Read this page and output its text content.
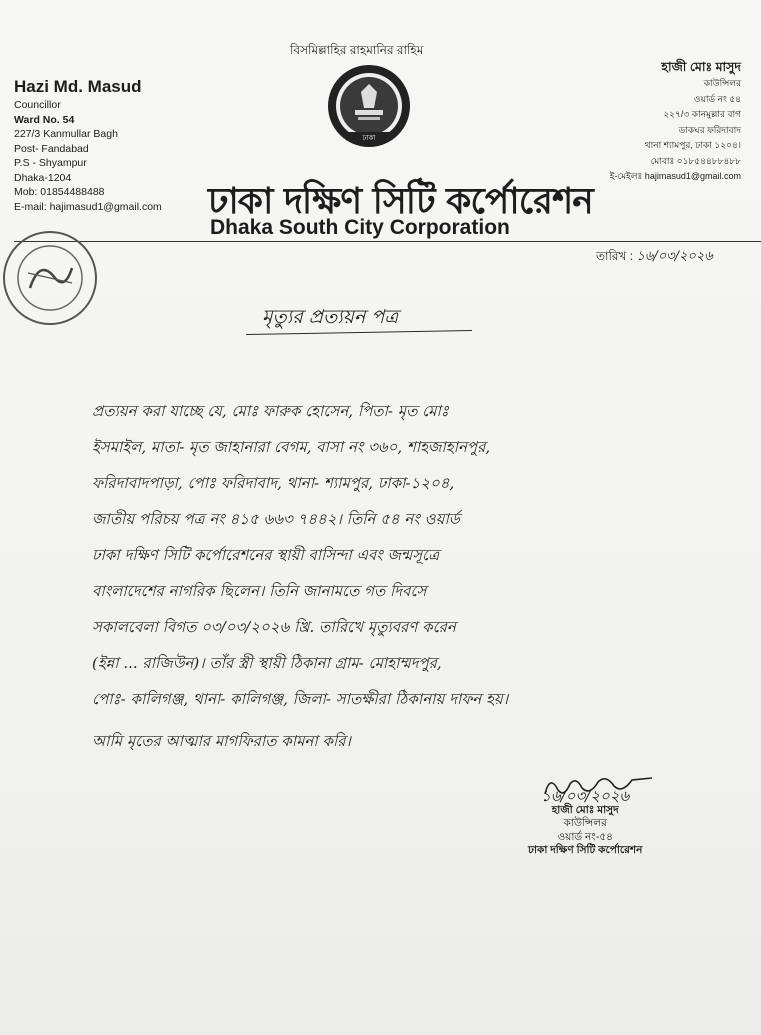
বিসমিল্লাহির রাহমানির রাহিম
Hazi Md. Masud
Councillor
Ward No. 54
227/3 Kanmullar Bagh
Post- Fandabad
P.S - Shyampur
Dhaka-1204
Mob: 01854488488
E-mail: hajimasud1@gmail.com
হাজী মোঃ মাসুদ
কাউন্সিলর
ওয়ার্ড নং ৫৪
২২৭/৩ কানমুল্লার বাগ
ডাকঘর ফরিদাবাদ
থানা শ্যামপুর, ঢাকা ১২০৪।
মোবাঃ ০১৮৫৪৪৮৮৪৮৮
ই-মেইলঃ hajimasud1@gmail.com
ঢাকা
ঢাকা দক্ষিণ সিটি কর্পোরেশন
Dhaka South City Corporation
তারিখ : ১৬/০৩/২০২৬
মৃত্যুর প্রত্যয়ন পত্র
প্রত্যয়ন করা যাচ্ছে যে, মোঃ ফারুক হোসেন, পিতা- মৃত মোঃ
ইসমাইল, মাতা- মৃত জাহানারা বেগম, বাসা নং ৩৬০, শাহজাহানপুর,
ফরিদাবাদপাড়া, পোঃ ফরিদাবাদ, থানা- শ্যামপুর, ঢাকা-১২০৪,
জাতীয় পরিচয় পত্র নং ৪১৫ ৬৬৩ ৭৪৪২। তিনি ৫৪ নং ওয়ার্ড
ঢাকা দক্ষিণ সিটি কর্পোরেশনের স্থায়ী বাসিন্দা এবং জন্মসূত্রে
বাংলাদেশের নাগরিক ছিলেন। তিনি জানামতে গত দিবসে
সকালবেলা বিগত ০৩/০৩/২০২৬ খ্রি. তারিখে মৃত্যুবরণ করেন
(ইন্না ... রাজিউন)। তাঁর স্ত্রী স্থায়ী ঠিকানা গ্রাম- মোহাম্মদপুর,
পোঃ- কালিগঞ্জ, থানা- কালিগঞ্জ, জিলা- সাতক্ষীরা ঠিকানায় দাফন হয়।
আমি মৃতের আত্মার মাগফিরাত কামনা করি।
১৬/০৩/২০২৬
হাজী মোঃ মাসুদ
কাউন্সিলর
ওয়ার্ড নং-৫৪
ঢাকা দক্ষিণ সিটি কর্পোরেশন
